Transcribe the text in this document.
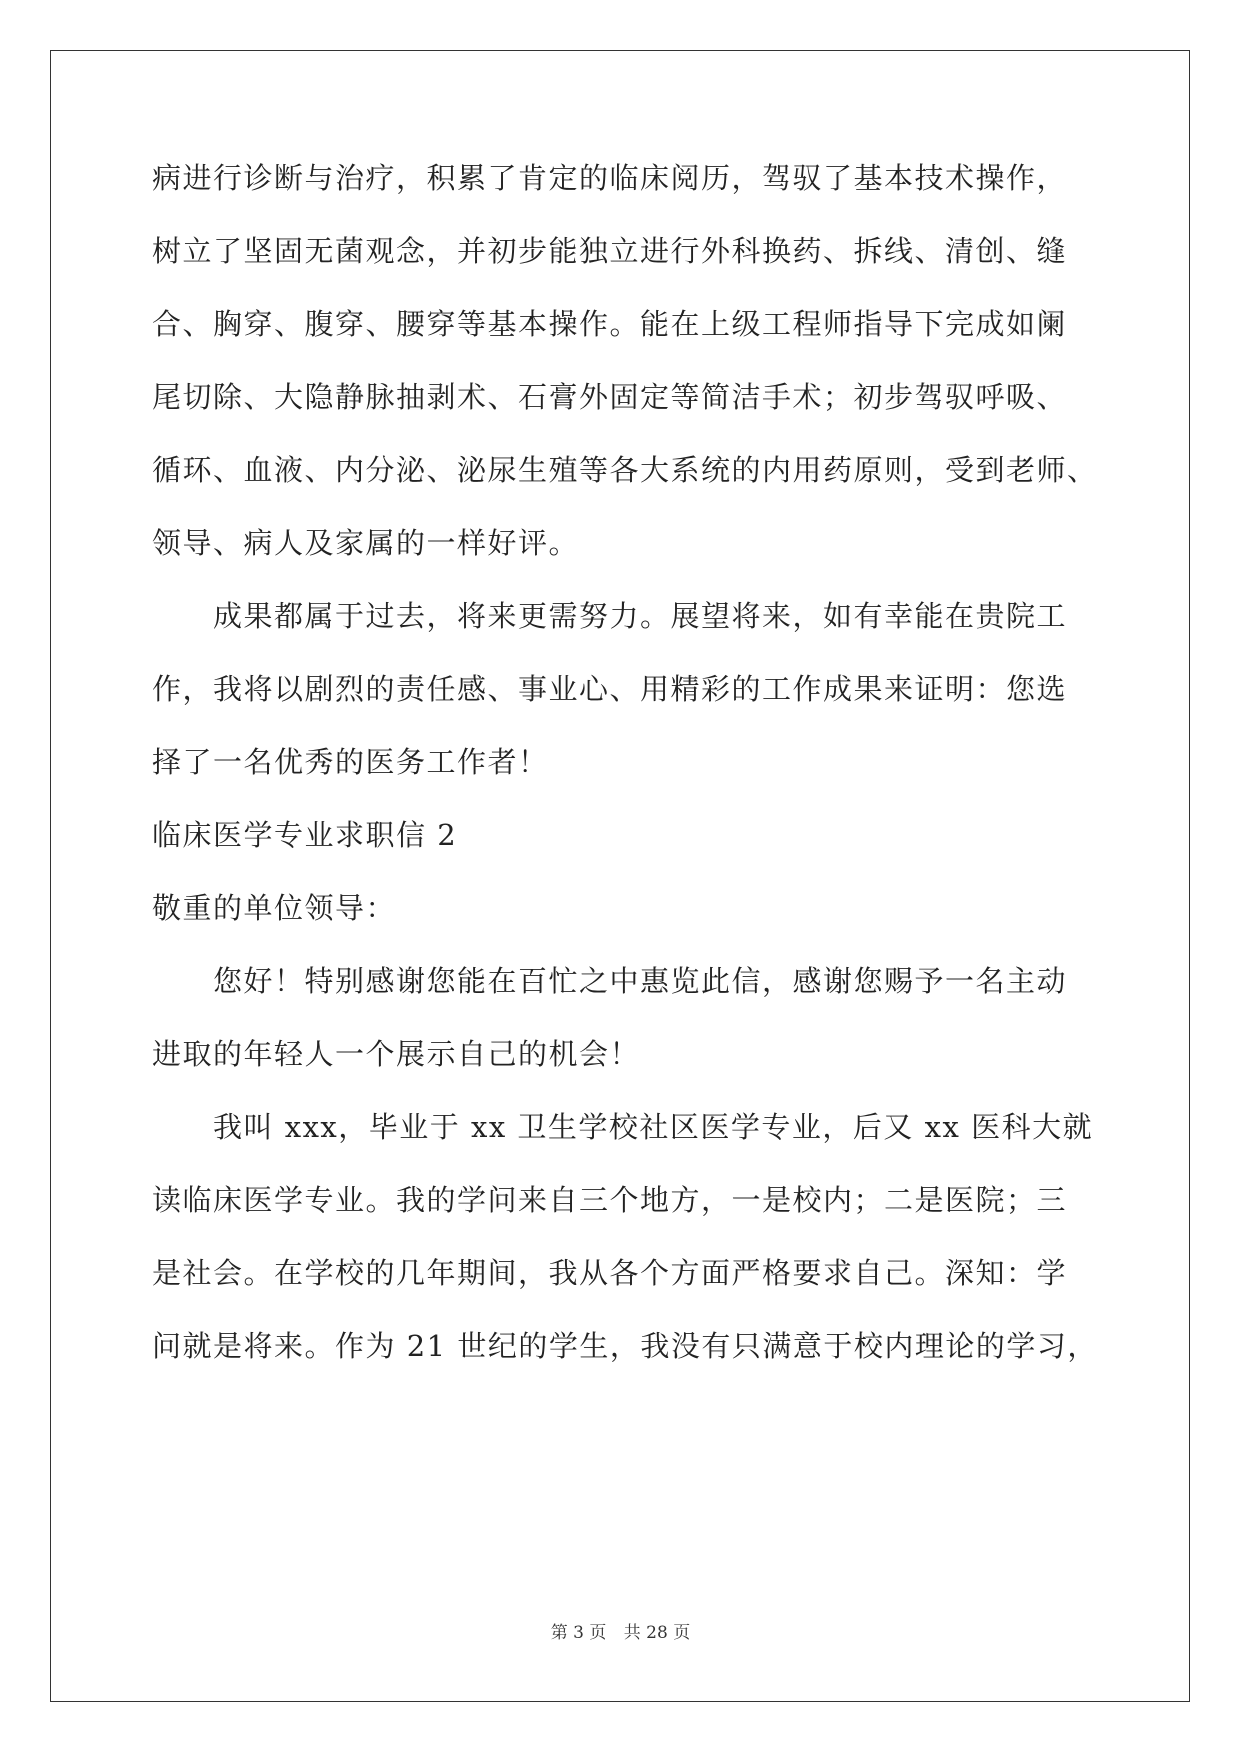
病进行诊断与治疗，积累了肯定的临床阅历，驾驭了基本技术操作，
树立了坚固无菌观念，并初步能独立进行外科换药、拆线、清创、缝
合、胸穿、腹穿、腰穿等基本操作。能在上级工程师指导下完成如阑
尾切除、大隐静脉抽剥术、石膏外固定等简洁手术；初步驾驭呼吸、
循环、血液、内分泌、泌尿生殖等各大系统的内用药原则，受到老师、
领导、病人及家属的一样好评。
成果都属于过去，将来更需努力。展望将来，如有幸能在贵院工
作，我将以剧烈的责任感、事业心、用精彩的工作成果来证明：您选
择了一名优秀的医务工作者！
临床医学专业求职信 2
敬重的单位领导：
您好！特别感谢您能在百忙之中惠览此信，感谢您赐予一名主动
进取的年轻人一个展示自己的机会！
我叫 xxx，毕业于 xx 卫生学校社区医学专业，后又 xx 医科大就
读临床医学专业。我的学问来自三个地方，一是校内；二是医院；三
是社会。在学校的几年期间，我从各个方面严格要求自己。深知：学
问就是将来。作为 21 世纪的学生，我没有只满意于校内理论的学习，
第 3 页 共 28 页
